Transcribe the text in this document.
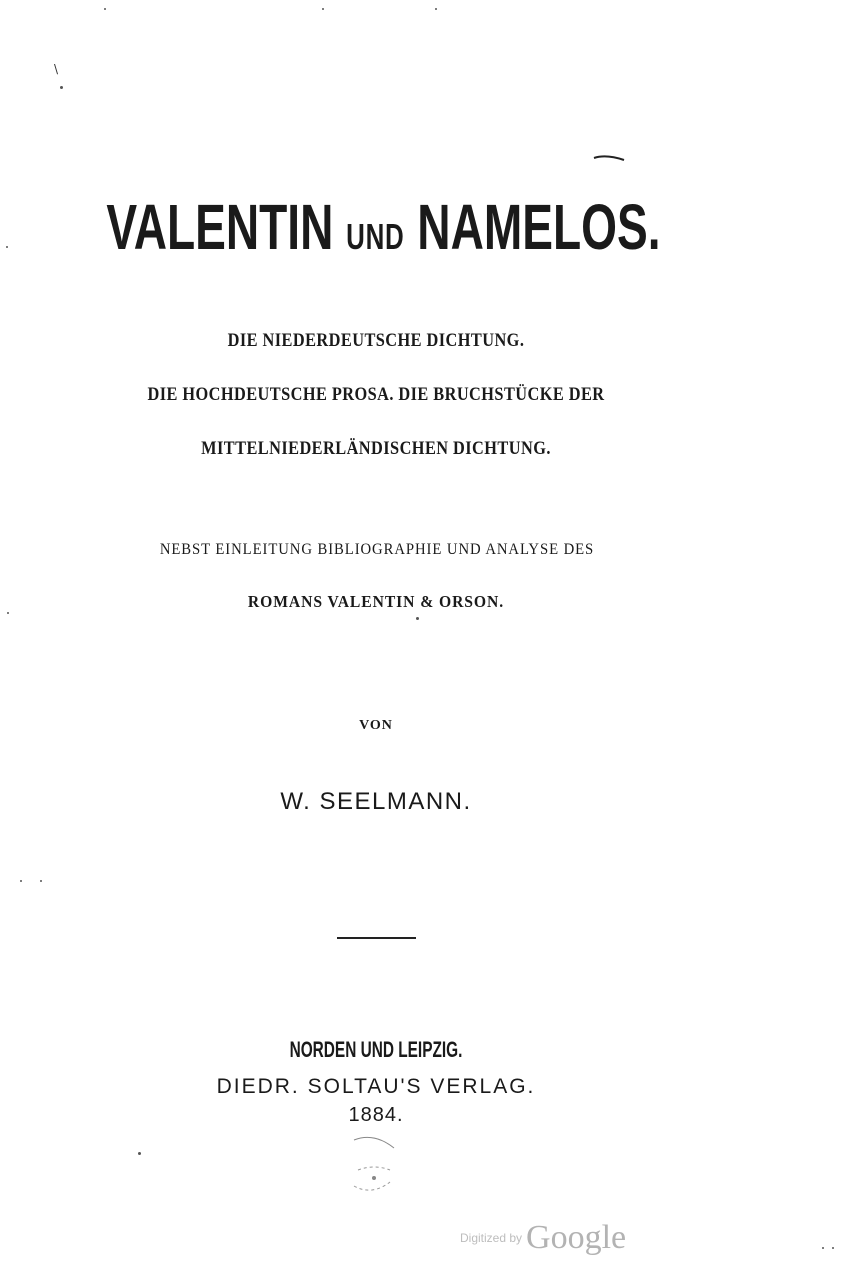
VALENTIN UND NAMELOS.
DIE NIEDERDEUTSCHE DICHTUNG.
DIE HOCHDEUTSCHE PROSA. DIE BRUCHSTÜCKE DER
MITTELNIEDERLÄNDISCHEN DICHTUNG.
NEBST EINLEITUNG BIBLIOGRAPHIE UND ANALYSE DES
ROMANS VALENTIN & ORSON.
VON
W. SEELMANN.
NORDEN UND LEIPZIG.
DIEDR. SOLTAU'S VERLAG.
1884.
$^{Digitized by}$ Google
\
